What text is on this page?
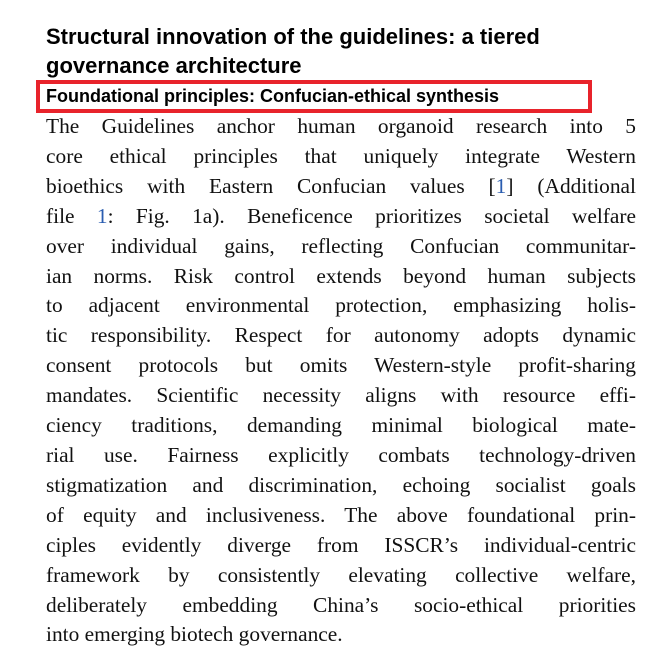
Structural innovation of the guidelines: a tiered governance architecture
Foundational principles: Confucian-ethical synthesis
The Guidelines anchor human organoid research into 5
core ethical principles that uniquely integrate Western
bioethics with Eastern Confucian values [1] (Additional
file 1: Fig. 1a). Beneficence prioritizes societal welfare
over individual gains, reflecting Confucian communitar-
ian norms. Risk control extends beyond human subjects
to adjacent environmental protection, emphasizing holis-
tic responsibility. Respect for autonomy adopts dynamic
consent protocols but omits Western-style profit-sharing
mandates. Scientific necessity aligns with resource effi-
ciency traditions, demanding minimal biological mate-
rial use. Fairness explicitly combats technology-driven
stigmatization and discrimination, echoing socialist goals
of equity and inclusiveness. The above foundational prin-
ciples evidently diverge from ISSCR’s individual-centric
framework by consistently elevating collective welfare,
deliberately embedding China’s socio-ethical priorities
into emerging biotech governance.
